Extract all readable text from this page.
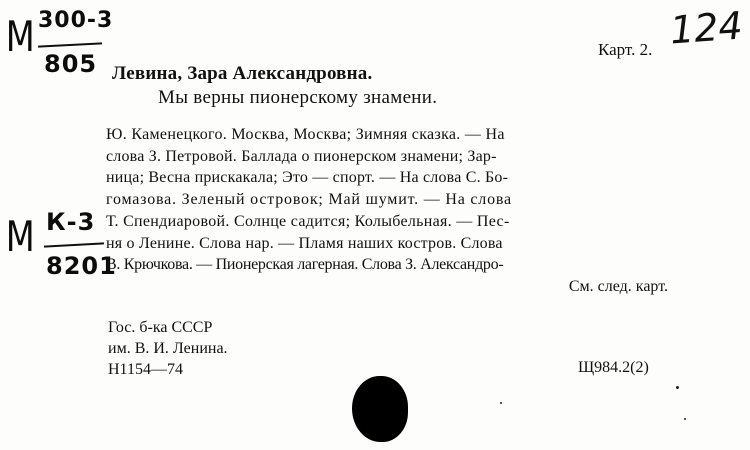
М 300-3
805
М К-3
8201
Карт. 2. 124
Левина, Зара Александровна.
Мы верны пионерскому знамени.
Ю. Каменецкого. Москва, Москва; Зимняя сказка. — На
слова З. Петровой. Баллада о пионерском знамени; Зар-
ница; Весна прискакала; Это — спорт. — На слова С. Бо-
гомазова. Зеленый островок; Май шумит. — На слова
Т. Спендиаровой. Солнце садится; Колыбельная. — Пес-
ня о Ленине. Слова нар. — Пламя наших костров. Слова
В. Крючкова. — Пионерская лагерная. Слова З. Александро-
См. след. карт.
Гос. б-ка СССР
им. В. И. Ленина.
Н1154—74	Щ984.2(2)
